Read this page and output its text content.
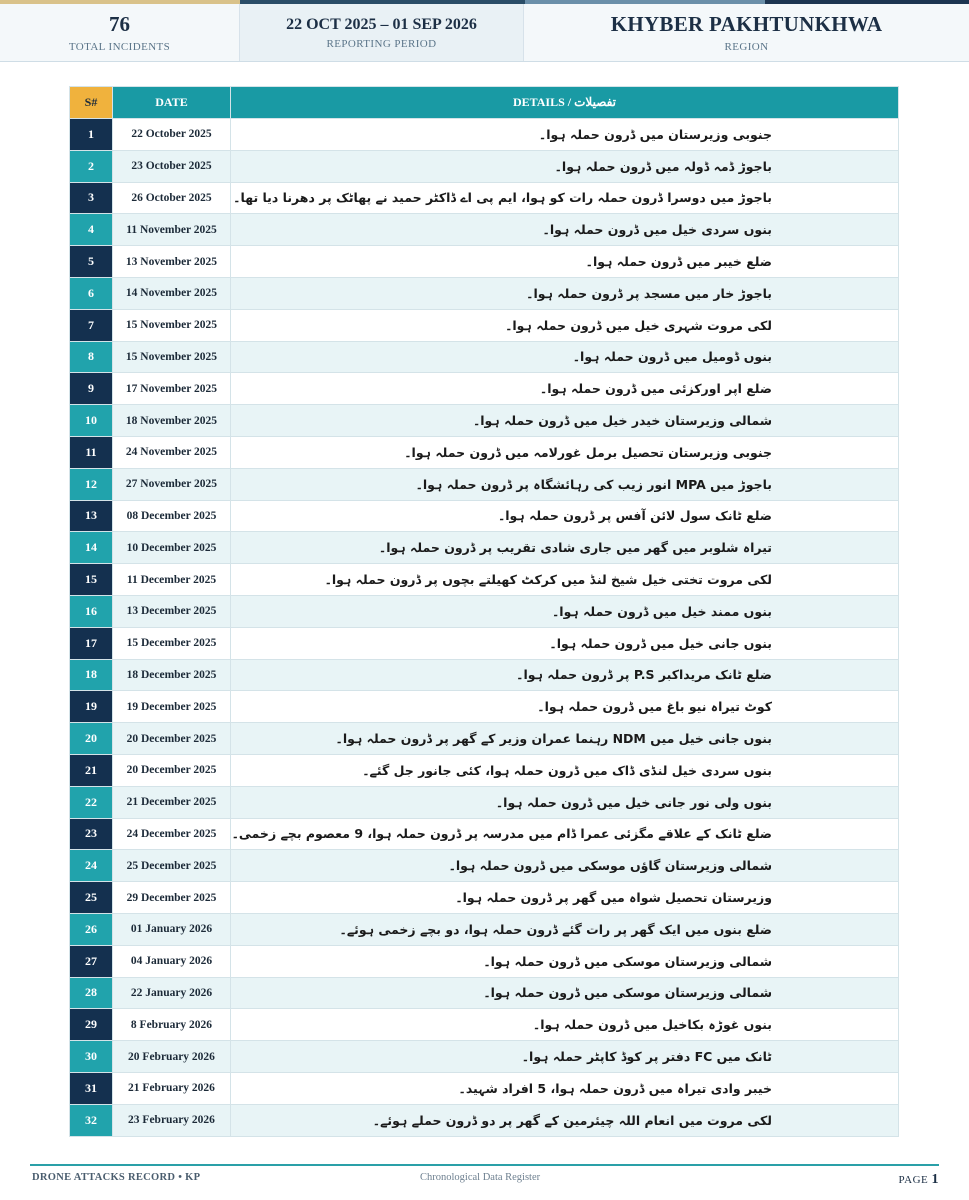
76
TOTAL INCIDENTS
22 OCT 2025 – 01 SEP 2026
REPORTING PERIOD
KHYBER PAKHTUNKHWA
REGION
S#	DATE	DETAILS / تفصیلات
1	22 October 2025	جنوبی وزیرستان میں ڈرون حملہ ہوا۔
2	23 October 2025	باجوڑ ڈمہ ڈولہ میں ڈرون حملہ ہوا۔
3	26 October 2025	باجوڑ میں دوسرا ڈرون حملہ رات کو ہوا، ایم پی اے ڈاکٹر حمید نے پھاٹک پر دھرنا دیا تھا۔
4	11 November 2025	بنوں سردی خیل میں ڈرون حملہ ہوا۔
5	13 November 2025	ضلع خیبر میں ڈرون حملہ ہوا۔
6	14 November 2025	باجوڑ خار میں مسجد پر ڈرون حملہ ہوا۔
7	15 November 2025	لکی مروت شہری خیل میں ڈرون حملہ ہوا۔
8	15 November 2025	بنوں ڈومیل میں ڈرون حملہ ہوا۔
9	17 November 2025	ضلع اپر اورکزئی میں ڈرون حملہ ہوا۔
10	18 November 2025	شمالی وزیرستان خیدر خیل میں ڈرون حملہ ہوا۔
11	24 November 2025	جنوبی وزیرستان تحصیل برمل غورلامہ میں ڈرون حملہ ہوا۔
12	27 November 2025	باجوڑ میں MPA انور زیب کی رہائشگاہ پر ڈرون حملہ ہوا۔
13	08 December 2025	ضلع ٹانک سول لائن آفس پر ڈرون حملہ ہوا۔
14	10 December 2025	تیراہ شلوبر میں گھر میں جاری شادی تقریب پر ڈرون حملہ ہوا۔
15	11 December 2025	لکی مروت تختی خیل شیخ لنڈ میں کرکٹ کھیلتے بچوں پر ڈرون حملہ ہوا۔
16	13 December 2025	بنوں ممند خیل میں ڈرون حملہ ہوا۔
17	15 December 2025	بنوں جانی خیل میں ڈرون حملہ ہوا۔
18	18 December 2025	ضلع ٹانک مریداکبر P.S پر ڈرون حملہ ہوا۔
19	19 December 2025	کوٹ تیراہ نیو باغ میں ڈرون حملہ ہوا۔
20	20 December 2025	بنوں جانی خیل میں NDM رہنما عمران وزیر کے گھر پر ڈرون حملہ ہوا۔
21	20 December 2025	بنوں سردی خیل لنڈی ڈاک میں ڈرون حملہ ہوا، کئی جانور جل گئے۔
22	21 December 2025	بنوں ولی نور جانی خیل میں ڈرون حملہ ہوا۔
23	24 December 2025	ضلع ٹانک کے علاقے مگزئی عمرا ڈام میں مدرسہ پر ڈرون حملہ ہوا، 9 معصوم بچے زخمی۔
24	25 December 2025	شمالی وزیرستان گاؤں موسکی میں ڈرون حملہ ہوا۔
25	29 December 2025	وزیرستان تحصیل شواہ میں گھر پر ڈرون حملہ ہوا۔
26	01 January 2026	ضلع بنوں میں ایک گھر پر رات گئے ڈرون حملہ ہوا، دو بچے زخمی ہوئے۔
27	04 January 2026	شمالی وزیرستان موسکی میں ڈرون حملہ ہوا۔
28	22 January 2026	شمالی وزیرستان موسکی میں ڈرون حملہ ہوا۔
29	8 February 2026	بنوں غوڑہ بکاخیل میں ڈرون حملہ ہوا۔
30	20 February 2026	ٹانک میں FC دفتر پر کوڈ کاپٹر حملہ ہوا۔
31	21 February 2026	خیبر وادی تیراہ میں ڈرون حملہ ہوا، 5 افراد شہید۔
32	23 February 2026	لکی مروت میں انعام اللہ چیئرمین کے گھر پر دو ڈرون حملے ہوئے۔
DRONE ATTACKS RECORD • KP	Chronological Data Register	PAGE 1
